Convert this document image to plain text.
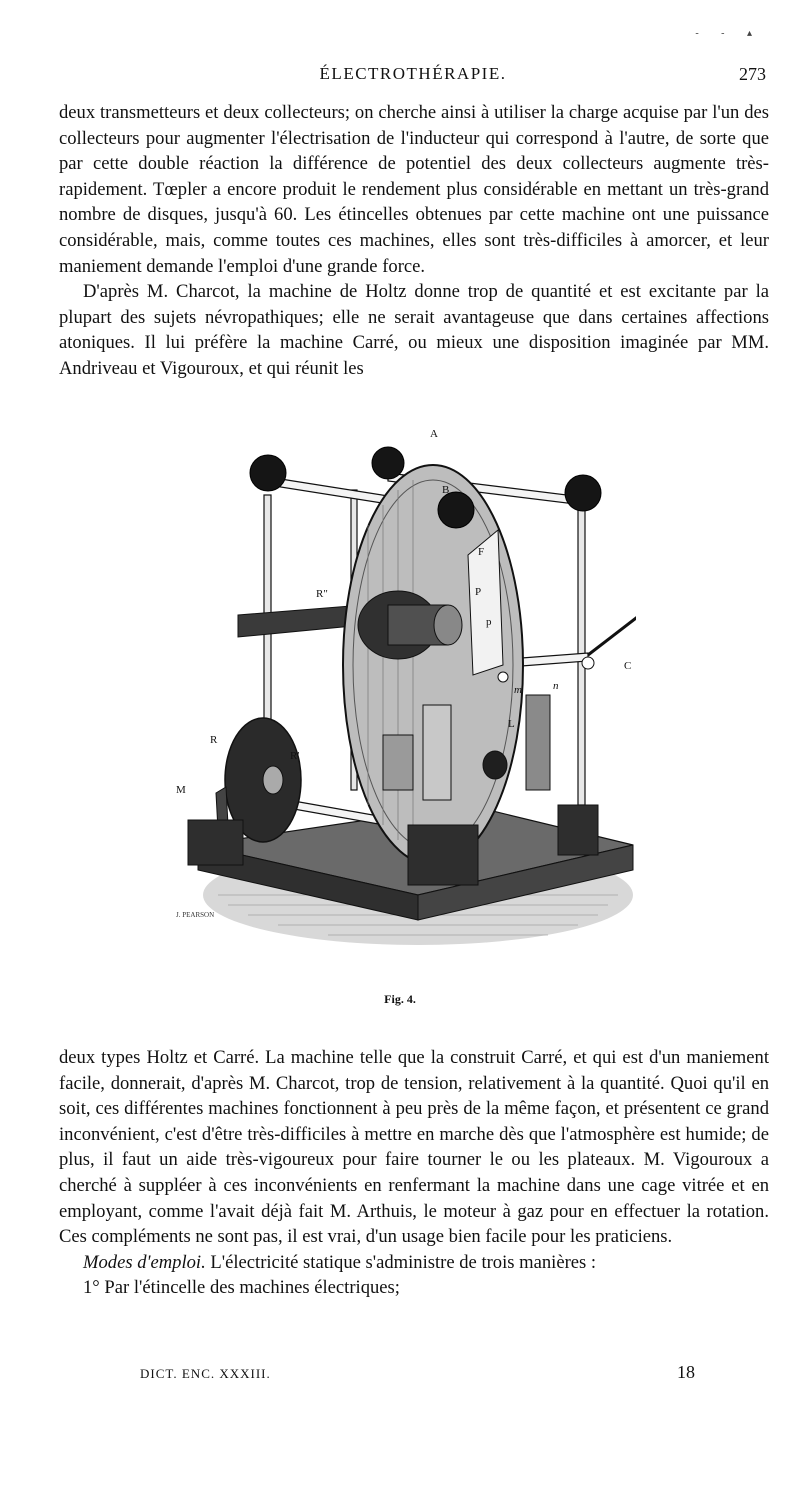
- - ▴
ÉLECTROTHÉRAPIE.	273

deux transmetteurs et deux collecteurs; on cherche ainsi à utiliser la charge acquise par l'un des collecteurs pour augmenter l'électrisation de l'inducteur qui correspond à l'autre, de sorte que par cette double réaction la différence de potentiel des deux collecteurs augmente très-rapidement. Tœpler a encore produit le rendement plus considérable en mettant un très-grand nombre de disques, jusqu'à 60. Les étincelles obtenues par cette machine ont une puissance considérable, mais, comme toutes ces machines, elles sont très-difficiles à amorcer, et leur maniement demande l'emploi d'une grande force.

D'après M. Charcot, la machine de Holtz donne trop de quantité et est excitante par la plupart des sujets névropathiques; elle ne serait avantageuse que dans certaines affections atoniques. Il lui préfère la machine Carré, ou mieux une disposition imaginée par MM. Andriveau et Vigouroux, et qui réunit les

A
B
F
P
p
R"
R
R'
M
L
m	n
C
J. PEARSON
Fig. 4.

deux types Holtz et Carré. La machine telle que la construit Carré, et qui est d'un maniement facile, donnerait, d'après M. Charcot, trop de tension, relativement à la quantité. Quoi qu'il en soit, ces différentes machines fonctionnent à peu près de la même façon, et présentent ce grand inconvénient, c'est d'être très-difficiles à mettre en marche dès que l'atmosphère est humide; de plus, il faut un aide très-vigoureux pour faire tourner le ou les plateaux. M. Vigouroux a cherché à suppléer à ces inconvénients en renfermant la machine dans une cage vitrée et en employant, comme l'avait déjà fait M. Arthuis, le moteur à gaz pour en effectuer la rotation. Ces compléments ne sont pas, il est vrai, d'un usage bien facile pour les praticiens.

Modes d'emploi. L'électricité statique s'administre de trois manières :

1° Par l'étincelle des machines électriques;

DICT. ENC. XXXIII.	18
